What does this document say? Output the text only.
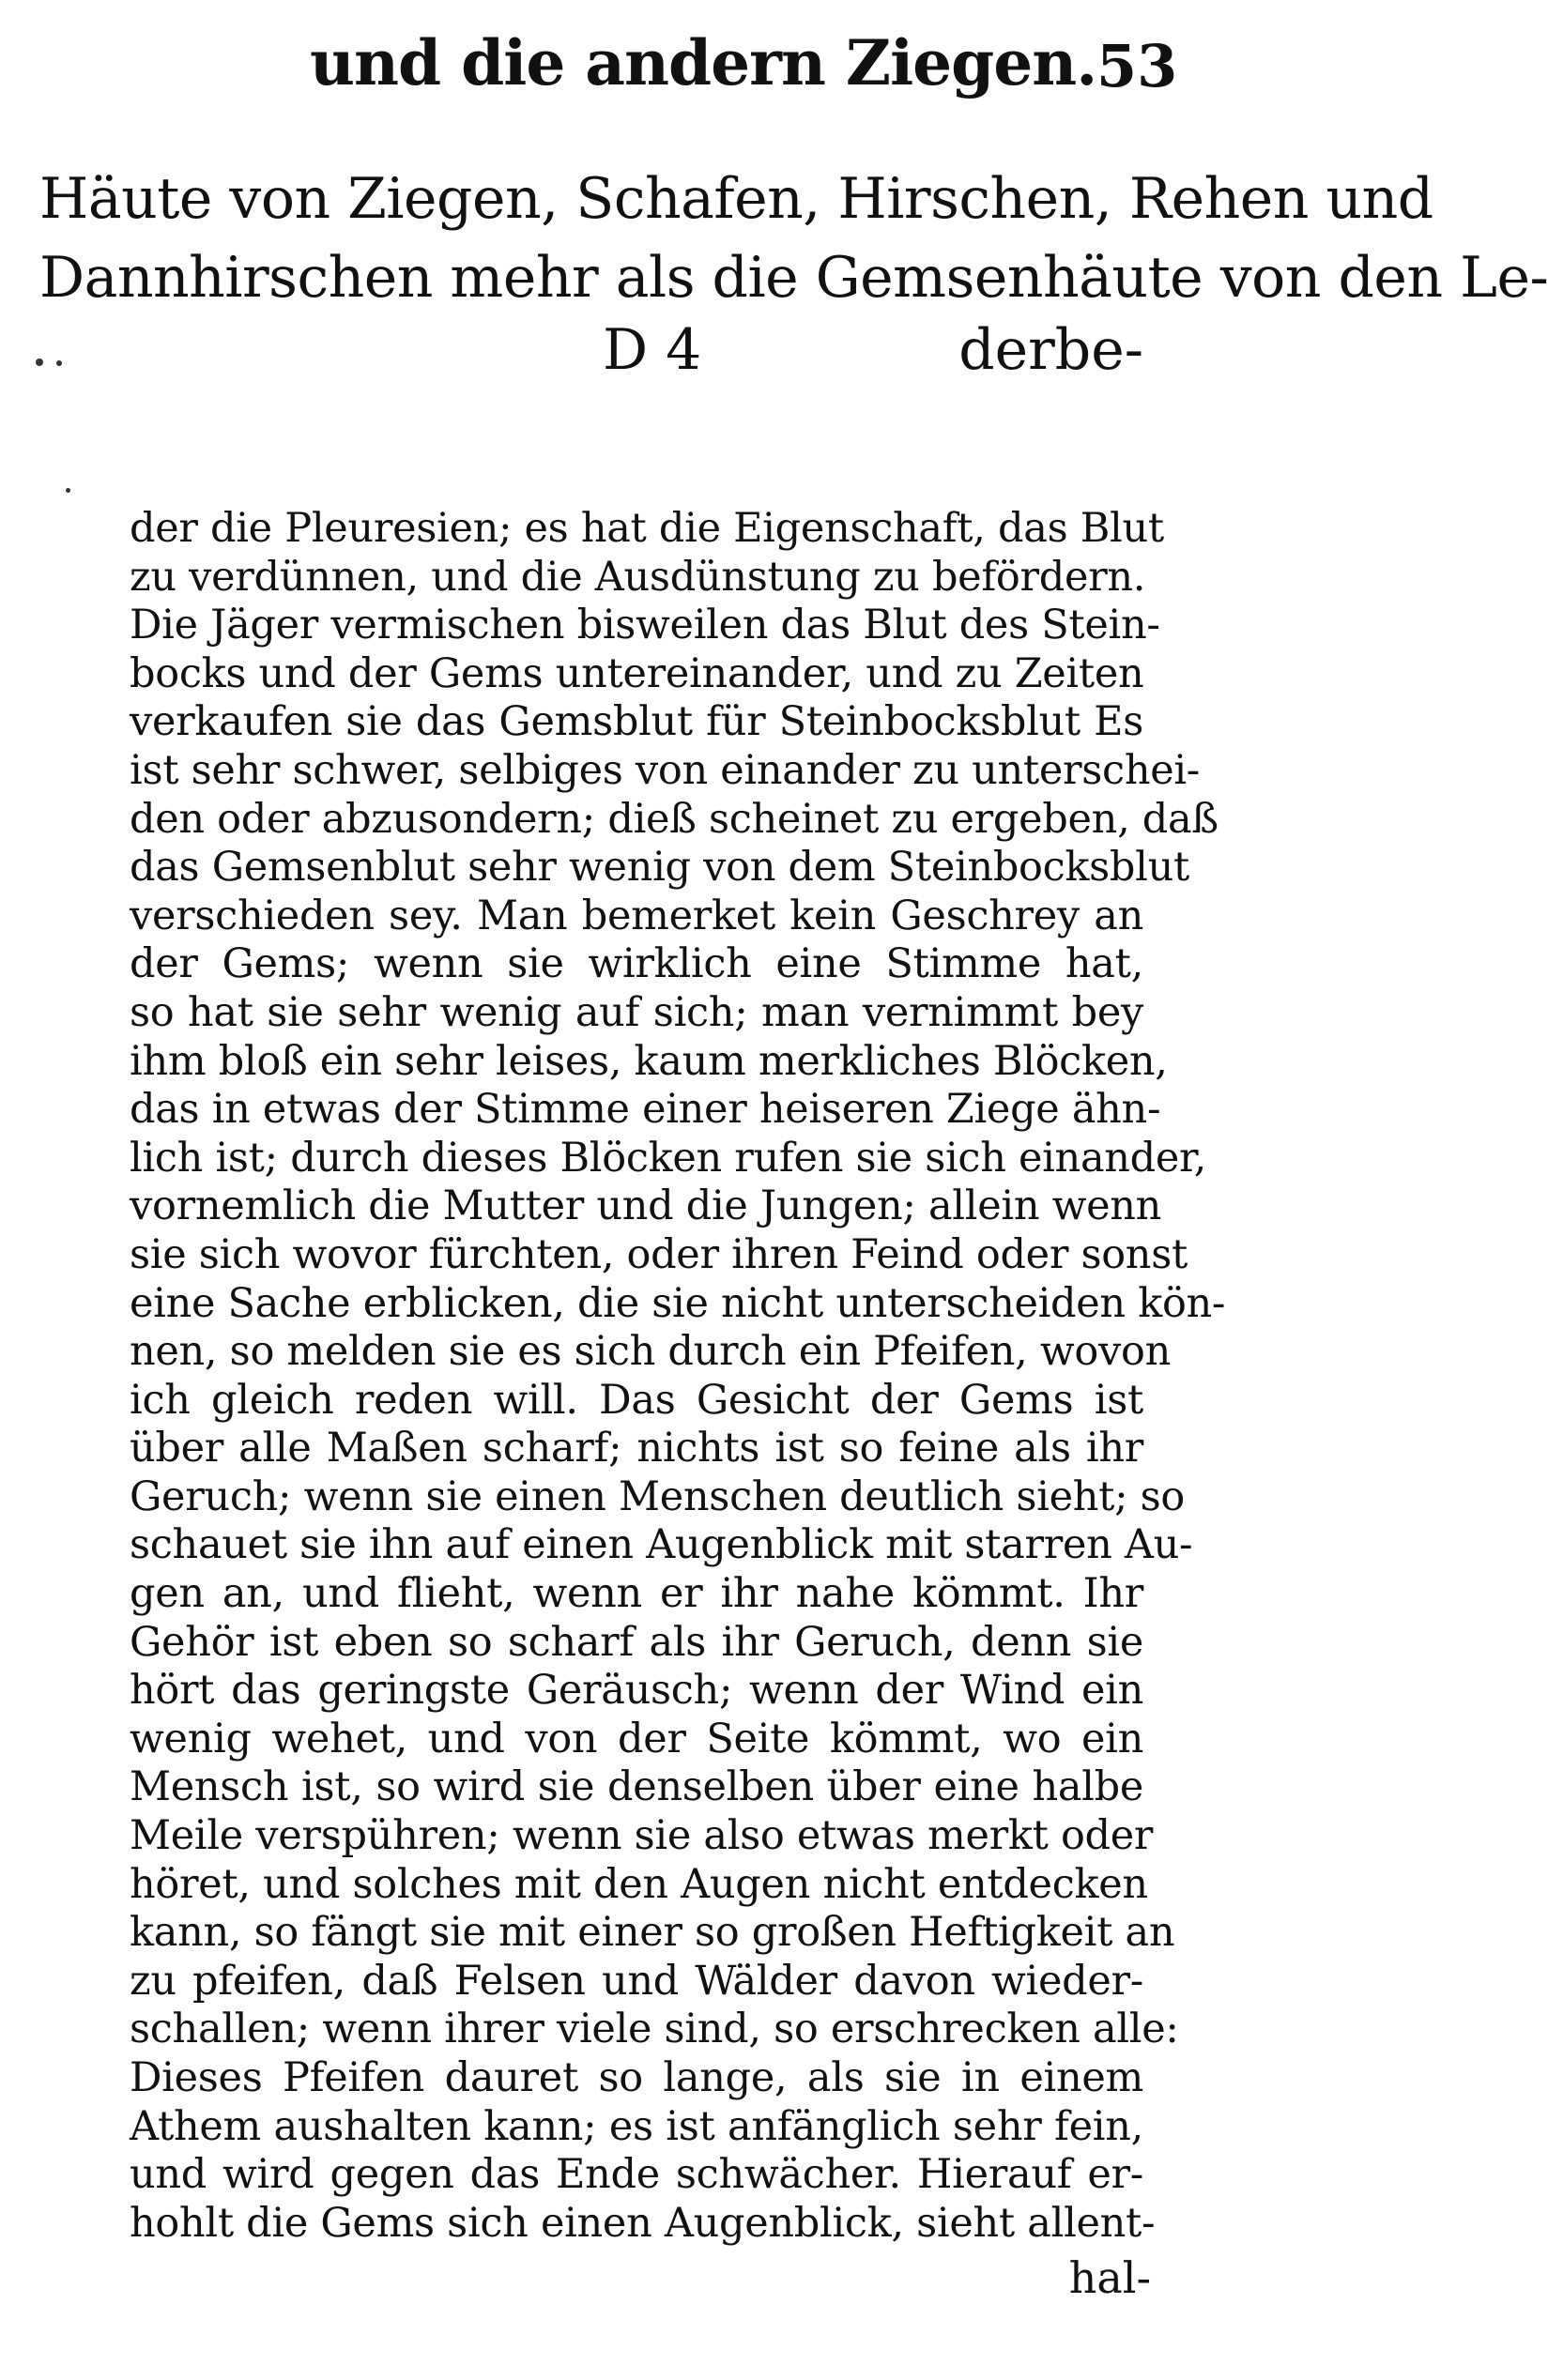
und die andern Ziegen. 53
Häute von Ziegen, Schafen, Hirschen, Rehen und
Dannhirschen mehr als die Gemsenhäute von den Le-
D 4	derbe-
der die Pleuresien; es hat die Eigenschaft, das Blut
zu verdünnen, und die Ausdünstung zu befördern.
Die Jäger vermischen bisweilen das Blut des Stein-
bocks und der Gems untereinander, und zu Zeiten
verkaufen sie das Gemsblut für Steinbocksblut Es
ist sehr schwer, selbiges von einander zu unterschei-
den oder abzusondern; dieß scheinet zu ergeben, daß
das Gemsenblut sehr wenig von dem Steinbocksblut
verschieden sey. Man bemerket kein Geschrey an
der Gems; wenn sie wirklich eine Stimme hat,
so hat sie sehr wenig auf sich; man vernimmt bey
ihm bloß ein sehr leises, kaum merkliches Blöcken,
das in etwas der Stimme einer heiseren Ziege ähn-
lich ist; durch dieses Blöcken rufen sie sich einander,
vornemlich die Mutter und die Jungen; allein wenn
sie sich wovor fürchten, oder ihren Feind oder sonst
eine Sache erblicken, die sie nicht unterscheiden kön-
nen, so melden sie es sich durch ein Pfeifen, wovon
ich gleich reden will. Das Gesicht der Gems ist
über alle Maßen scharf; nichts ist so feine als ihr
Geruch; wenn sie einen Menschen deutlich sieht; so
schauet sie ihn auf einen Augenblick mit starren Au-
gen an, und flieht, wenn er ihr nahe kömmt. Ihr
Gehör ist eben so scharf als ihr Geruch, denn sie
hört das geringste Geräusch; wenn der Wind ein
wenig wehet, und von der Seite kömmt, wo ein
Mensch ist, so wird sie denselben über eine halbe
Meile verspühren; wenn sie also etwas merkt oder
höret, und solches mit den Augen nicht entdecken
kann, so fängt sie mit einer so großen Heftigkeit an
zu pfeifen, daß Felsen und Wälder davon wieder-
schallen; wenn ihrer viele sind, so erschrecken alle:
Dieses Pfeifen dauret so lange, als sie in einem
Athem aushalten kann; es ist anfänglich sehr fein,
und wird gegen das Ende schwächer. Hierauf er-
hohlt die Gems sich einen Augenblick, sieht allent-
hal-
